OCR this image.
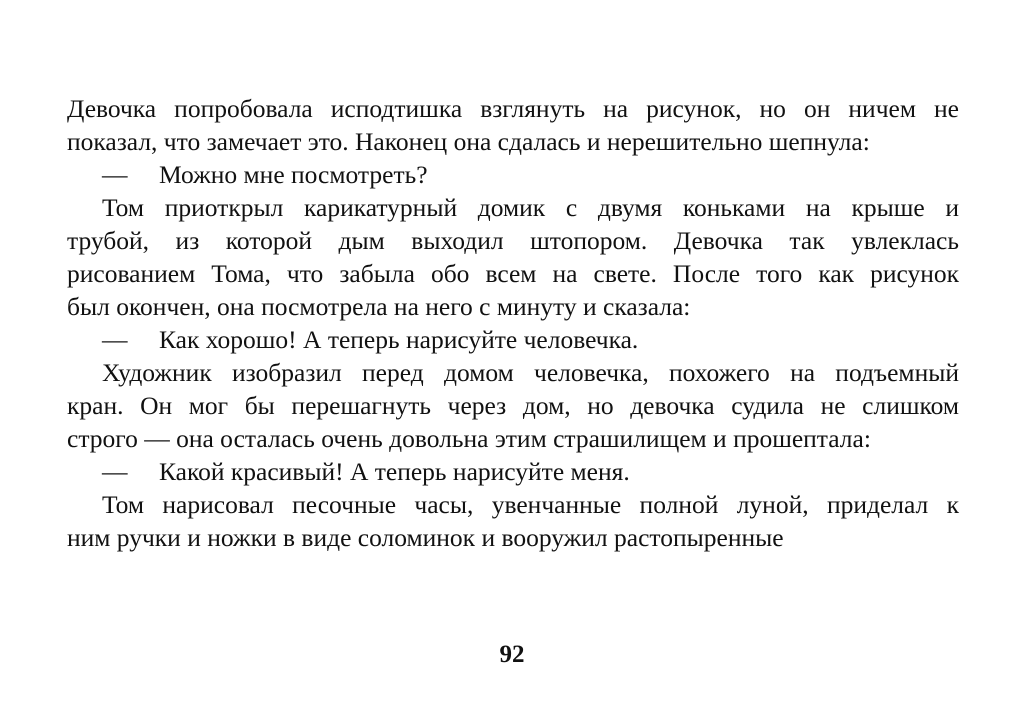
Девочка попробовала исподтишка взглянуть на рисунок, но он ничем не
показал, что замечает это. Наконец она сдалась и нерешительно шепнула:
—	Можно мне посмотреть?
Том приоткрыл карикатурный домик с двумя коньками на крыше и
трубой, из которой дым выходил штопором. Девочка так увлеклась
рисованием Тома, что забыла обо всем на свете. После того как рисунок
был окончен, она посмотрела на него с минуту и сказала:
—	Как хорошо! А теперь нарисуйте человечка.
Художник изобразил перед домом человечка, похожего на подъемный
кран. Он мог бы перешагнуть через дом, но девочка судила не слишком
строго — она осталась очень довольна этим страшилищем и прошептала:
—	Какой красивый! А теперь нарисуйте меня.
Том нарисовал песочные часы, увенчанные полной луной, приделал к
ним ручки и ножки в виде соломинок и вооружил растопыренные
92
